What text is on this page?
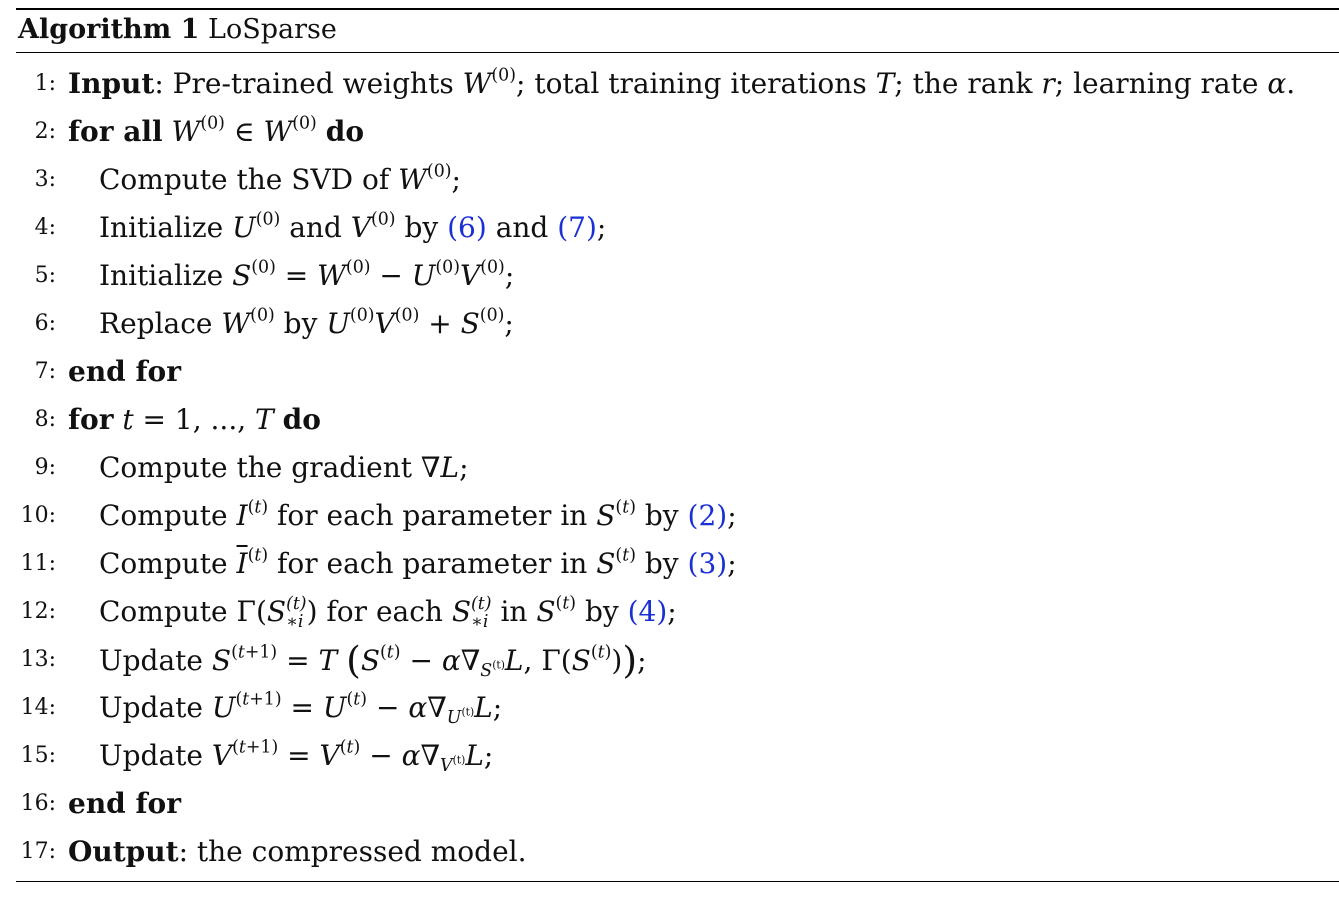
Algorithm 1 LoSparse
1: Input: Pre-trained weights $W^{(0)}$; total training iterations T; the rank r; learning rate α.
2: for all $W^{(0)}$ ∈ $W^{(0)}$ do
3: Compute the SVD of $W^{(0)}$;
4: Initialize $U^{(0)}$ and $V^{(0)}$ by (6) and (7);
5: Initialize $S^{(0)} = W^{(0)} - U^{(0)}V^{(0)}$;
6: Replace $W^{(0)}$ by $U^{(0)}V^{(0)} + S^{(0)}$;
7: end for
8: for t = 1, ..., T do
9: Compute the gradient ∇L;
10: Compute $I^{(t)}$ for each parameter in $S^{(t)}$ by (2);
11: Compute $\overline{I}^{(t)}$ for each parameter in $S^{(t)}$ by (3);
12: Compute Γ(S (t)
∗i ) for each S (t)
∗i in $S^{(t)}$ by (4);
13: Update $S^{(t+1)} = T$ ($S^{(t)} - \alpha\nabla_{S^{(t)}}L$, $\Gamma(S^{(t)})$);
14: Update $U^{(t+1)} = U^{(t)} - \alpha\nabla_{U^{(t)}}L$;
15: Update $V^{(t+1)} = V^{(t)} - \alpha\nabla_{V^{(t)}}L$;
16: end for
17: Output: the compressed model.
